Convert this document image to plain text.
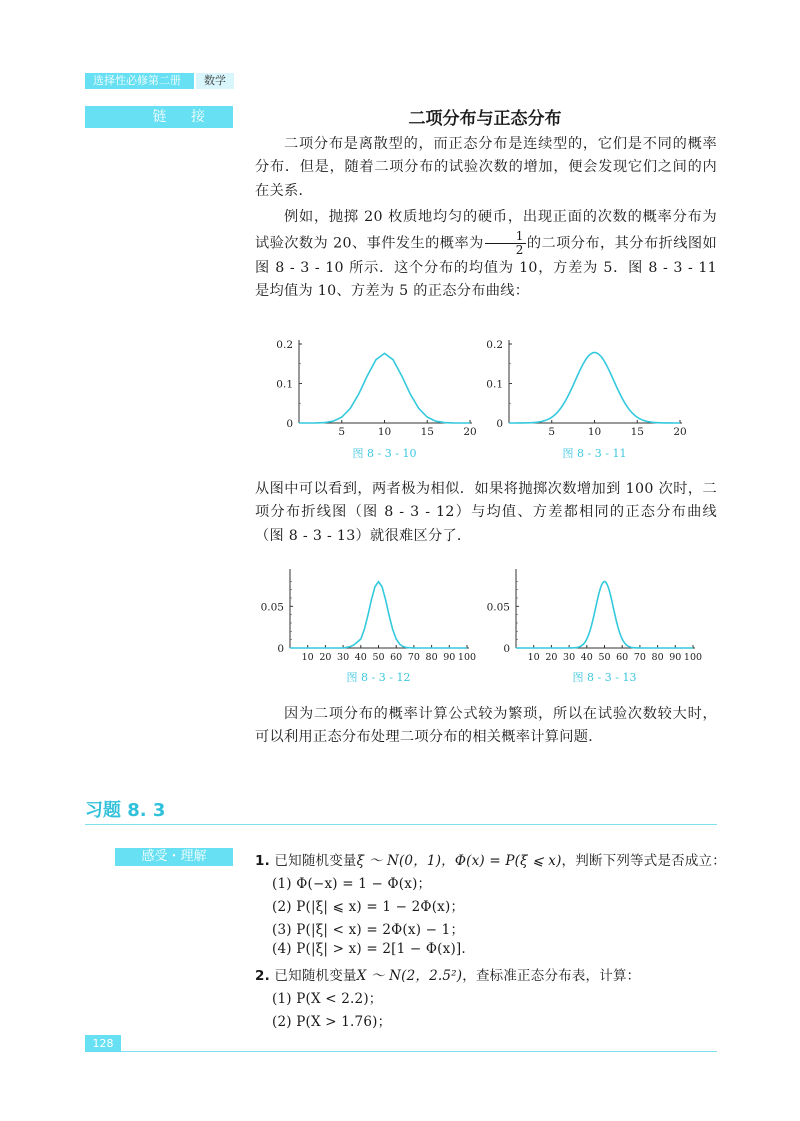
选择性必修第二册	数学
链 接	二项分布与正态分布

二项分布是离散型的，而正态分布是连续型的，它们是不同的概率分布．但是，随着二项分布的试验次数的增加，便会发现它们之间的内在关系．

例如，抛掷 20 枚质地均匀的硬币，出现正面的次数的概率分布为试验次数为 20、事件发生的概率为 $\frac{1}{2}$ 的二项分布，其分布折线图如图 8 - 3 - 10 所示．这个分布的均值为 10，方差为 5．图 8 - 3 - 11 是均值为 10、方差为 5 的正态分布曲线：

0
0.1
0.2
5	10	15	20
图 8 - 3 - 10
0
0.1
0.2
5	10	15	20
图 8 - 3 - 11

从图中可以看到，两者极为相似．如果将抛掷次数增加到 100 次时，二项分布折线图（图 8 - 3 - 12）与均值、方差都相同的正态分布曲线（图 8 - 3 - 13）就很难区分了．

0
0.05
10 20 30 40 50 60 70 80 90 100
图 8 - 3 - 12
0
0.05
10 20 30 40 50 60 70 80 90 100
图 8 - 3 - 13

因为二项分布的概率计算公式较为繁琐，所以在试验次数较大时，可以利用正态分布处理二项分布的相关概率计算问题．

习题 8. 3
感受・理解	1. 已知随机变量ξ ～ N(0，1)，Φ(x) = P(ξ ⩽ x)，判断下列等式是否成立：
(1) Φ(−x) = 1 − Φ(x)；
(2) P(|ξ| ⩽ x) = 1 − 2Φ(x)；
(3) P(|ξ| < x) = 2Φ(x) − 1；
(4) P(|ξ| > x) = 2[1 − Φ(x)].
2. 已知随机变量X ～ N(2，2.5²)，查标准正态分布表，计算：
(1) P(X < 2.2)；
(2) P(X > 1.76)；
128
